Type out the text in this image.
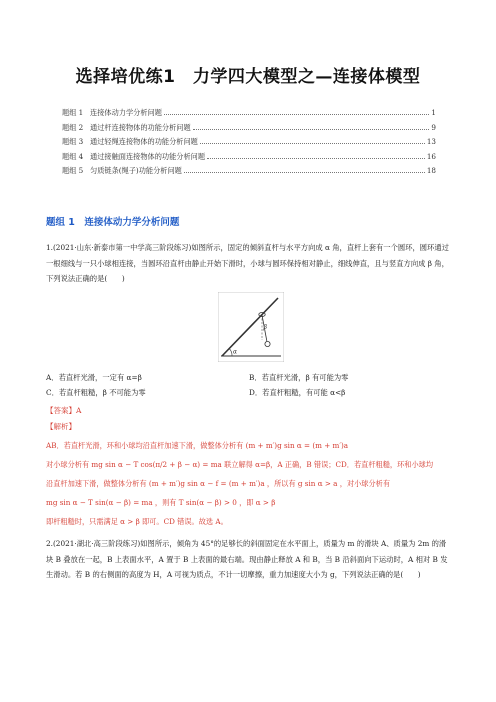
选择培优练1　力学四大模型之—连接体模型
题组 1 连接体动力学分析问题	1
题组 2 通过杆连接物体的功能分析问题	9
题组 3 通过轻绳连接物体的功能分析问题	13
题组 4 通过接触面连接物体的功能分析问题	16
题组 5 匀质链条(绳子)功能分析问题	18
题组 1　连接体动力学分析问题
1.(2021·山东·新泰市第一中学高三阶段练习)如图所示，固定的倾斜直杆与水平方向成 α 角，直杆上套有一个圆环，圆环通过一根细线与一只小球相连接，当圆环沿直杆由静止开始下滑时，小球与圆环保持相对静止，细线伸直，且与竖直方向成 β 角，下列说法正确的是(　　)
α
β
A．若直杆光滑，一定有 α=β	B．若直杆光滑，β 有可能为零
C．若直杆粗糙，β 不可能为零	D．若直杆粗糙，有可能 α<β
【答案】A
【解析】
AB．若直杆光滑，环和小球均沿直杆加速下滑，做整体分析有 (m + m′)g sin α = (m + m′)a
对小球分析有 mg sin α − T cos(π/2 + β − α) = ma 联立解得 α=β，A 正确，B 错误；CD．若直杆粗糙，环和小球均
沿直杆加速下滑，做整体分析有 (m + m′)g sin α − f = (m + m′)a ，所以有 g sin α > a ，对小球分析有
mg sin α − T sin(α − β) = ma ，则有 T sin(α − β) > 0 ，即 α > β
即杆粗糙时，只需满足 α > β 即可。CD 错误。故选 A。
2.(2021·湖北·高三阶段练习)如图所示，倾角为 45°的足够长的斜面固定在水平面上，质量为 m 的滑块 A、质量为 2m 的滑块 B 叠放在一起，B 上表面水平，A 置于 B 上表面的最右端。现由静止释放 A 和 B，当 B 沿斜面向下运动时，A 相对 B 发生滑动。若 B 的右侧面的高度为 H，A 可视为质点，不计一切摩擦，重力加速度大小为 g，下列说法正确的是(　　)
